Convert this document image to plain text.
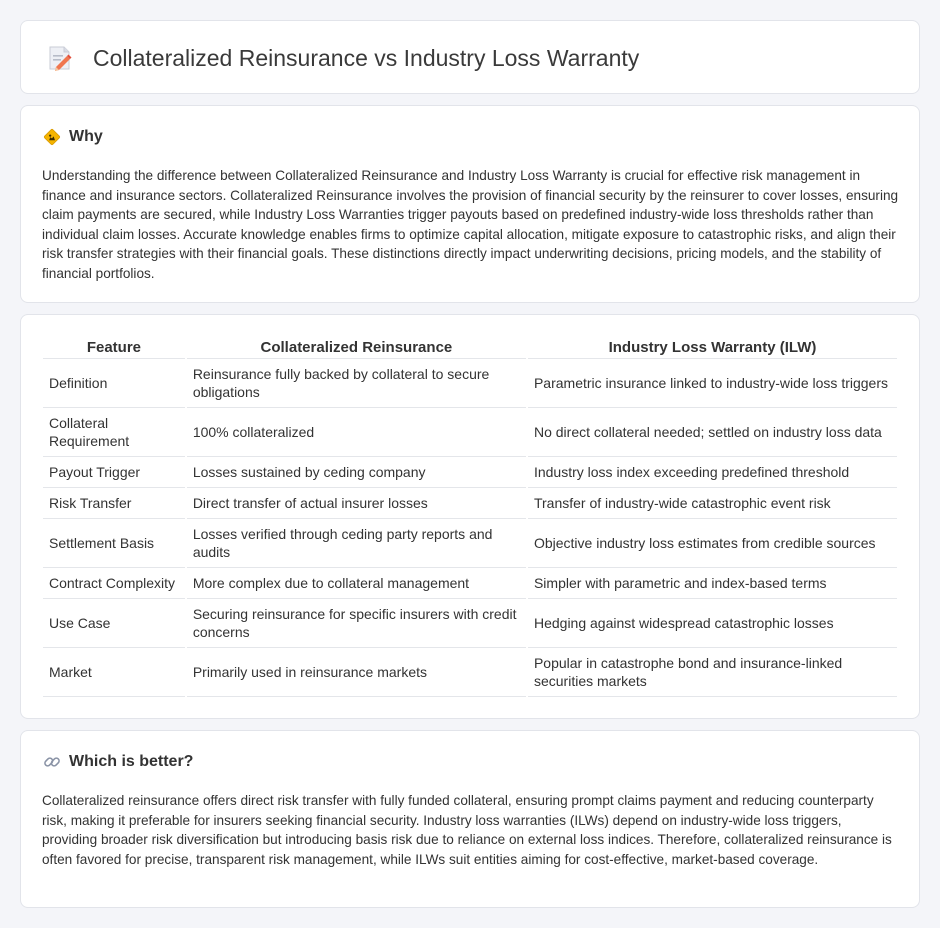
Collateralized Reinsurance vs Industry Loss Warranty
Why

Understanding the difference between Collateralized Reinsurance and Industry Loss Warranty is crucial for effective risk management in finance and insurance sectors. Collateralized Reinsurance involves the provision of financial security by the reinsurer to cover losses, ensuring claim payments are secured, while Industry Loss Warranties trigger payouts based on predefined industry-wide loss thresholds rather than individual claim losses. Accurate knowledge enables firms to optimize capital allocation, mitigate exposure to catastrophic risks, and align their risk transfer strategies with their financial goals. These distinctions directly impact underwriting decisions, pricing models, and the stability of financial portfolios.

Feature	Collateralized Reinsurance	Industry Loss Warranty (ILW)
Definition	Reinsurance fully backed by collateral to secure obligations	Parametric insurance linked to industry-wide loss triggers
Collateral Requirement	100% collateralized	No direct collateral needed; settled on industry loss data
Payout Trigger	Losses sustained by ceding company	Industry loss index exceeding predefined threshold
Risk Transfer	Direct transfer of actual insurer losses	Transfer of industry-wide catastrophic event risk
Settlement Basis	Losses verified through ceding party reports and audits	Objective industry loss estimates from credible sources
Contract Complexity	More complex due to collateral management	Simpler with parametric and index-based terms
Use Case	Securing reinsurance for specific insurers with credit concerns	Hedging against widespread catastrophic losses
Market	Primarily used in reinsurance markets	Popular in catastrophe bond and insurance-linked securities markets
Which is better?

Collateralized reinsurance offers direct risk transfer with fully funded collateral, ensuring prompt claims payment and reducing counterparty risk, making it preferable for insurers seeking financial security. Industry loss warranties (ILWs) depend on industry-wide loss triggers, providing broader risk diversification but introducing basis risk due to reliance on external loss indices. Therefore, collateralized reinsurance is often favored for precise, transparent risk management, while ILWs suit entities aiming for cost-effective, market-based coverage.
